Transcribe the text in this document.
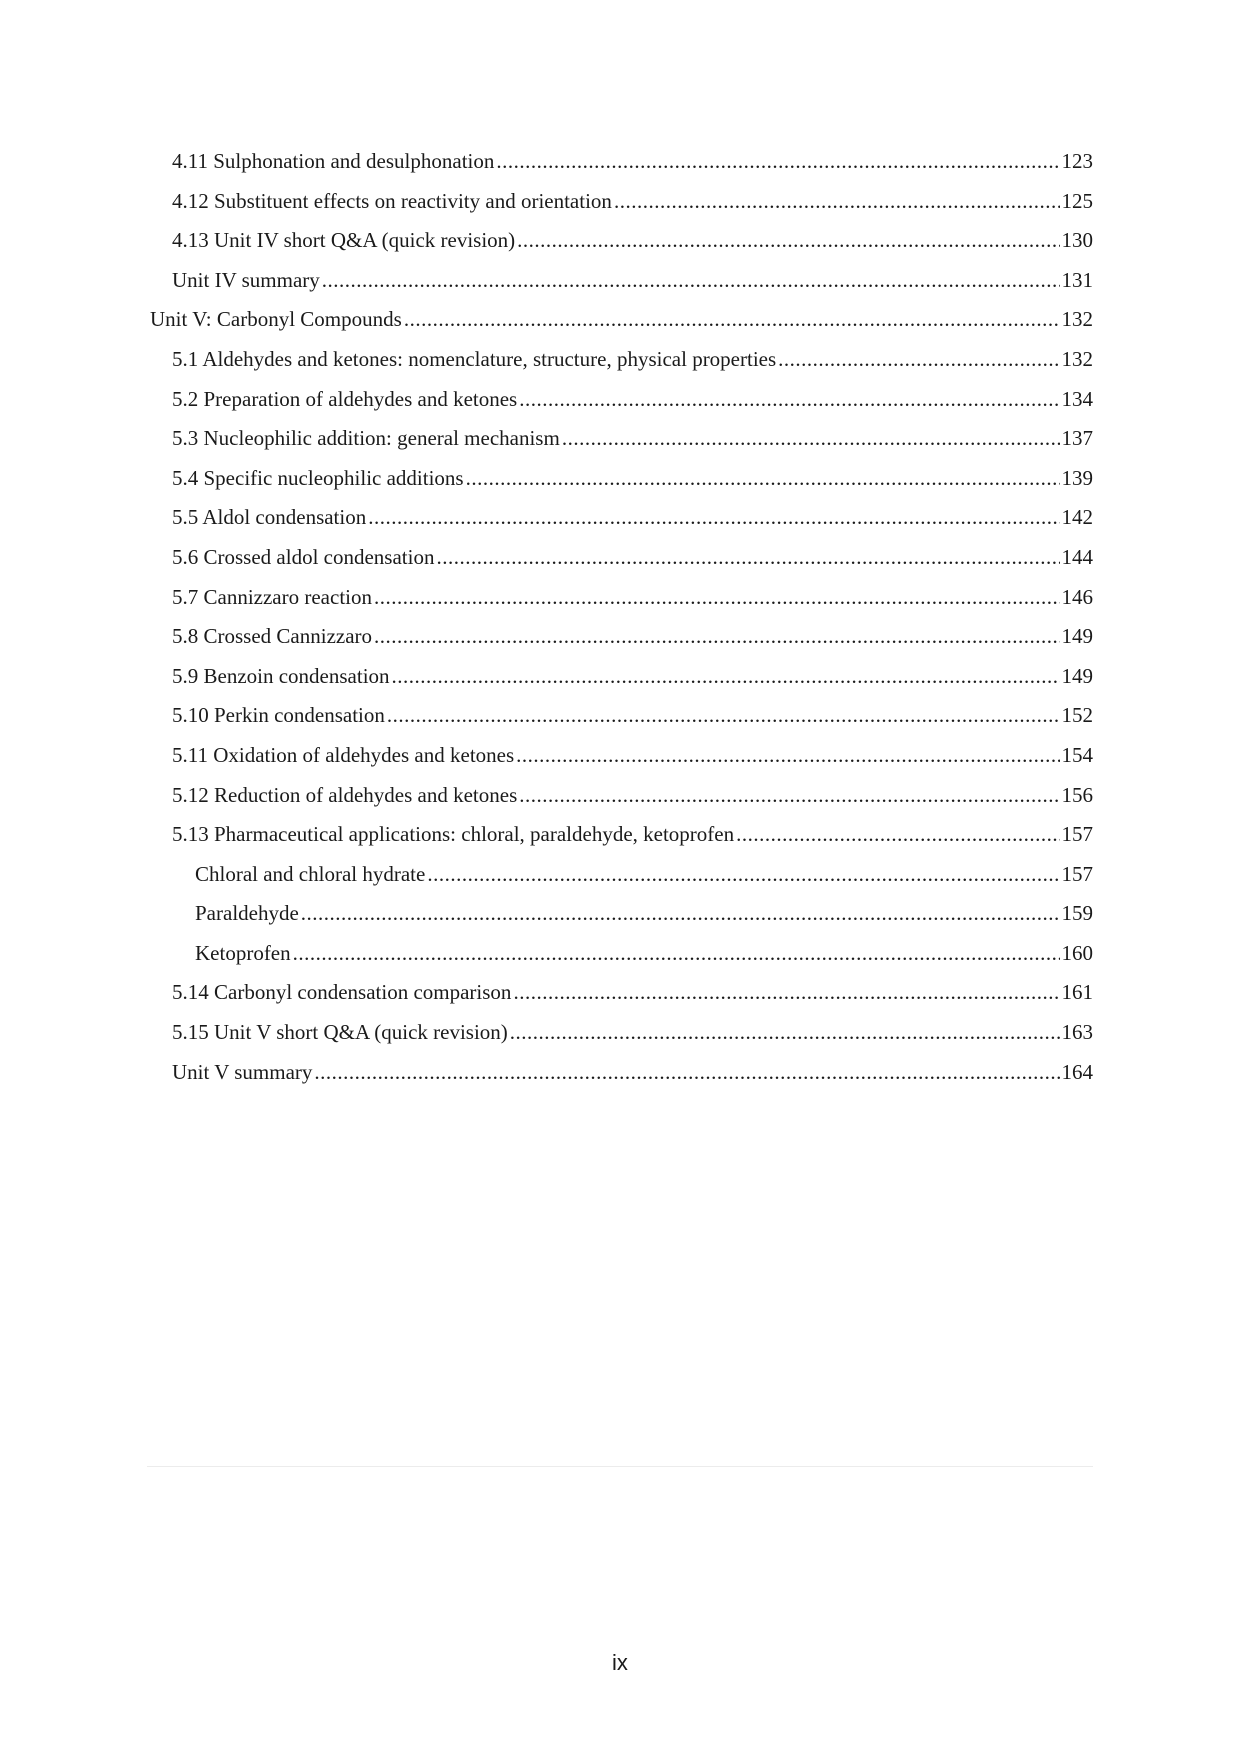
4.11 Sulphonation and desulphonation .....	123
4.12 Substituent effects on reactivity and orientation .....	125
4.13 Unit IV short Q&A (quick revision) .....	130
Unit IV summary .....	131
Unit V: Carbonyl Compounds .....	132
5.1 Aldehydes and ketones: nomenclature, structure, physical properties .....	132
5.2 Preparation of aldehydes and ketones .....	134
5.3 Nucleophilic addition: general mechanism .....	137
5.4 Specific nucleophilic additions .....	139
5.5 Aldol condensation .....	142
5.6 Crossed aldol condensation .....	144
5.7 Cannizzaro reaction .....	146
5.8 Crossed Cannizzaro .....	149
5.9 Benzoin condensation .....	149
5.10 Perkin condensation .....	152
5.11 Oxidation of aldehydes and ketones .....	154
5.12 Reduction of aldehydes and ketones .....	156
5.13 Pharmaceutical applications: chloral, paraldehyde, ketoprofen .....	157
Chloral and chloral hydrate .....	157
Paraldehyde .....	159
Ketoprofen .....	160
5.14 Carbonyl condensation comparison .....	161
5.15 Unit V short Q&A (quick revision) .....	163
Unit V summary .....	164
ix
